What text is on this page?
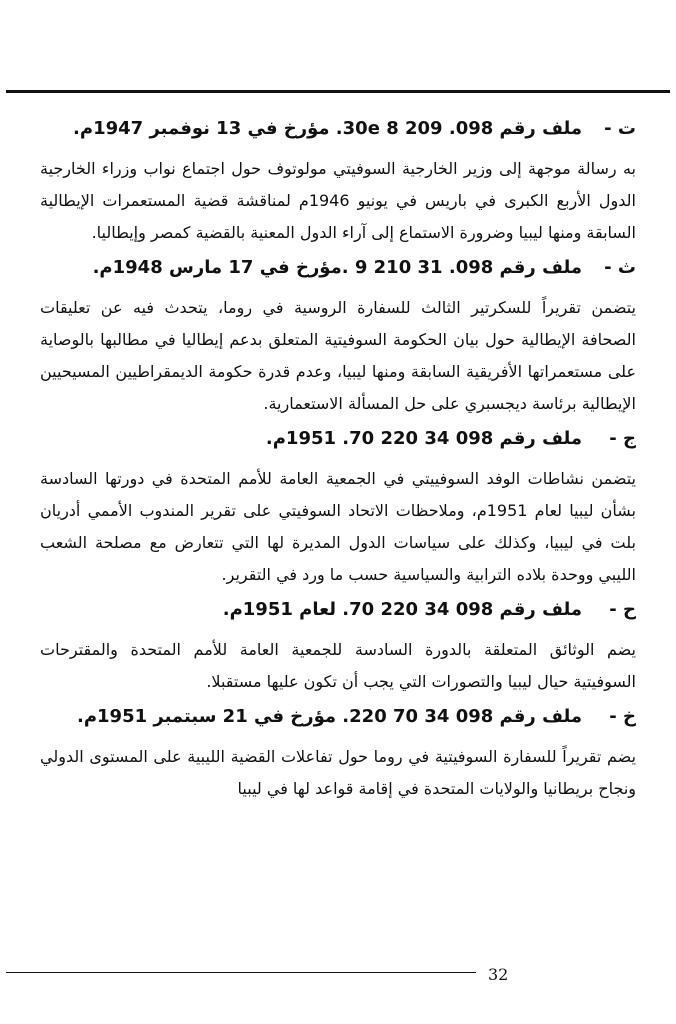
ت -ملف رقم 098. 209 8 30e. مؤرخ في 13 نوفمبر 1947م.

به رسالة موجهة إلى وزير الخارجية السوفيتي مولوتوف حول اجتماع نواب وزراء الخارجية الدول الأربع الكبرى في باريس في يونيو 1946م لمناقشة قضية المستعمرات الإيطالية السابقة ومنها ليبيا وضرورة الاستماع إلى آراء الدول المعنية بالقضية كمصر وإيطاليا.

ث -ملف رقم 098. 31 210 9 .مؤرخ في 17 مارس 1948م.

يتضمن تقريراً للسكرتير الثالث للسفارة الروسية في روما، يتحدث فيه عن تعليقات الصحافة الإيطالية حول بيان الحكومة السوفيتية المتعلق بدعم إيطاليا في مطالبها بالوصاية على مستعمراتها الأفريقية السابقة ومنها ليبيا، وعدم قدرة حكومة الديمقراطيين المسيحيين الإيطالية برئاسة ديجسبري على حل المسألة الاستعمارية.

ج -ملف رقم 098 34 220 70. 1951م.

يتضمن نشاطات الوفد السوفييتي في الجمعية العامة للأمم المتحدة في دورتها السادسة بشأن ليبيا لعام 1951م، وملاحظات الاتحاد السوفيتي على تقرير المندوب الأممي أدريان بلت في ليبيا، وكذلك على سياسات الدول المديرة لها التي تتعارض مع مصلحة الشعب الليبي ووحدة بلاده الترابية والسياسية حسب ما ورد في التقرير.

ح -ملف رقم 098 34 220 70. لعام 1951م.

يضم الوثائق المتعلقة بالدورة السادسة للجمعية العامة للأمم المتحدة والمقترحات السوفيتية حيال ليبيا والتصورات التي يجب أن تكون عليها مستقبلا.

خ -ملف رقم 098 34 70 220. مؤرخ في 21 سبتمبر 1951م.

يضم تقريراً للسفارة السوفيتية في روما حول تفاعلات القضية الليبية على المستوى الدولي ونجاح بريطانيا والولايات المتحدة في إقامة قواعد لها في ليبيا

32
